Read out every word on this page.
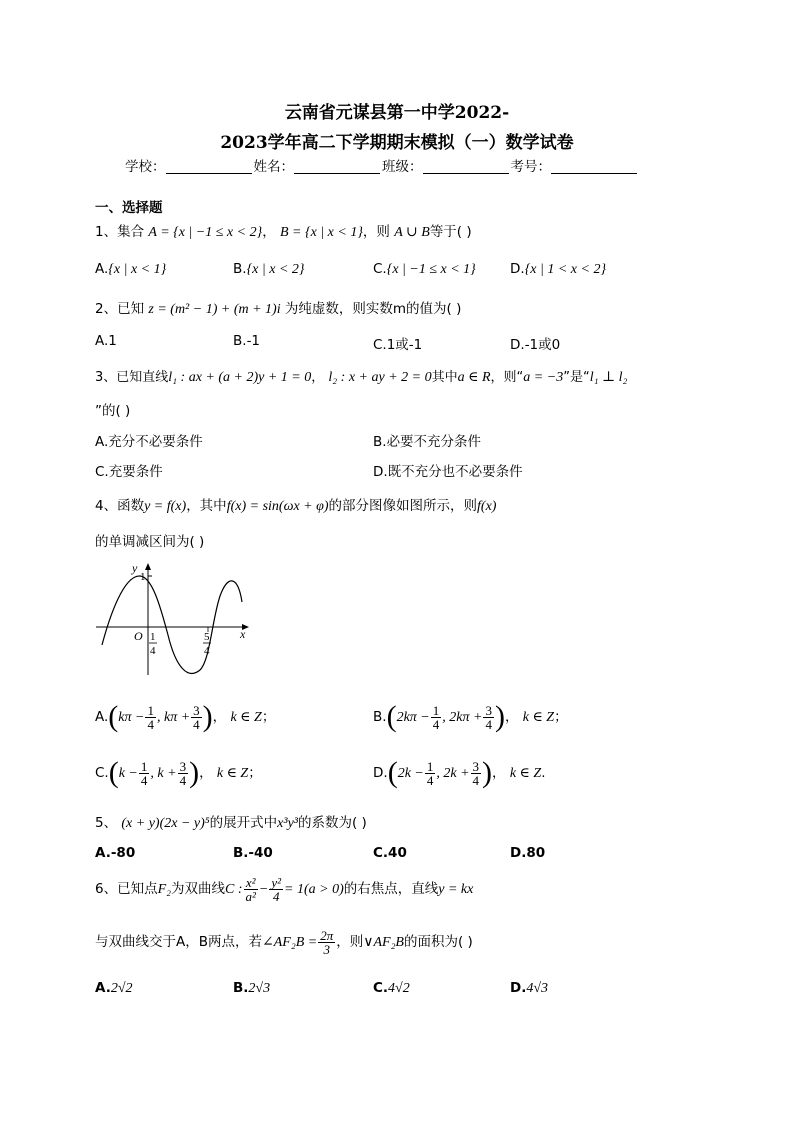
云南省元谋县第一中学2022-
2023学年高二下学期期末模拟（一）数学试卷
学校：	姓名：	班级：	考号：
一、选择题
1、集合 A = {x | −1 ≤ x < 2}， B = {x | x < 1}，则 A ∪ B等于( )
A.{x | x < 1}	B.{x | x < 2}	C.{x | −1 ≤ x < 1}	D.{x | 1 < x < 2}
2、已知 z = (m² − 1) + (m + 1)i 为纯虚数，则实数m的值为( )
A.1	B.-1	C.1或-1	D.-1或0
3、已知直线l₁ : ax + (a + 2)y + 1 = 0， l₂ : x + ay + 2 = 0其中a ∈ R，则“a = −3”是“l₁ ⊥ l₂
”的( )
A.充分不必要条件	B.必要不充分条件
C.充要条件	D.既不充分也不必要条件
4、函数y = f(x)，其中f(x) = sin(ωx + φ)的部分图像如图所示，则f(x)
的单调减区间为( )
y
x
O
1
1
4
5
4
$A.(k\pi - \frac{1}{4}$ , $k\pi + \frac{3}{4}$ )， k ∈ Z；	$B.(2k\pi - \frac{1}{4}$ , $2k\pi + \frac{3}{4}$ )， k ∈ Z；
$C.(k - \frac{1}{4}$ , $k + \frac{3}{4}$ )， k ∈ Z；	$D.(2k - \frac{1}{4}$ , $2k + \frac{3}{4}$ )， k ∈ Z.
5、 (x + y)(2x − y)⁵的展开式中x³y³的系数为( )
A.-80	B.-40	C.40	D.80
6、已知点F₂为双曲线C : $\frac{\text{x²}}{\text{a²}} - \frac{\text{y²}}{4} = 1(a > 0)$的右焦点，直线y = kx
与双曲线交于A，B两点，若∠AF₂B = $\frac{2\pi}{3}$ ，则∨AF₂B的面积为( )
A.2√2	B.2√3	C.4√2	D.4√3
